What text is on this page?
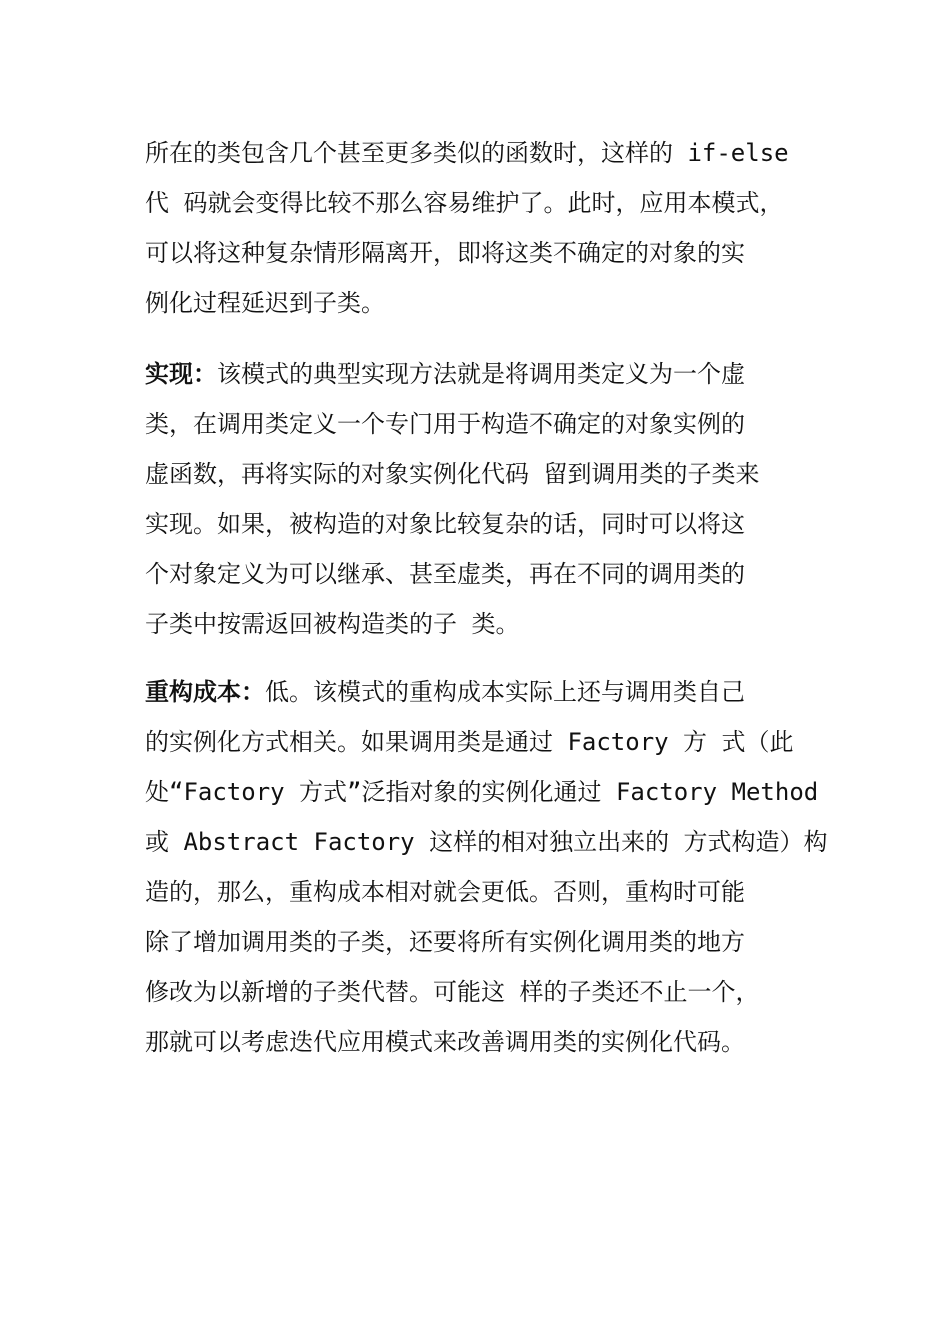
所在的类包含几个甚至更多类似的函数时，这样的 if-else
代 码就会变得比较不那么容易维护了。此时，应用本模式，
可以将这种复杂情形隔离开，即将这类不确定的对象的实
例化过程延迟到子类。
实现：该模式的典型实现方法就是将调用类定义为一个虚
类，在调用类定义一个专门用于构造不确定的对象实例的
虚函数，再将实际的对象实例化代码 留到调用类的子类来
实现。如果，被构造的对象比较复杂的话，同时可以将这
个对象定义为可以继承、甚至虚类，再在不同的调用类的
子类中按需返回被构造类的子 类。
重构成本：低。该模式的重构成本实际上还与调用类自己
的实例化方式相关。如果调用类是通过 Factory 方 式（此
处“Factory 方式”泛指对象的实例化通过 Factory Method
或 Abstract Factory 这样的相对独立出来的 方式构造）构
造的，那么，重构成本相对就会更低。否则，重构时可能
除了增加调用类的子类，还要将所有实例化调用类的地方
修改为以新增的子类代替。可能这 样的子类还不止一个，
那就可以考虑迭代应用模式来改善调用类的实例化代码。
